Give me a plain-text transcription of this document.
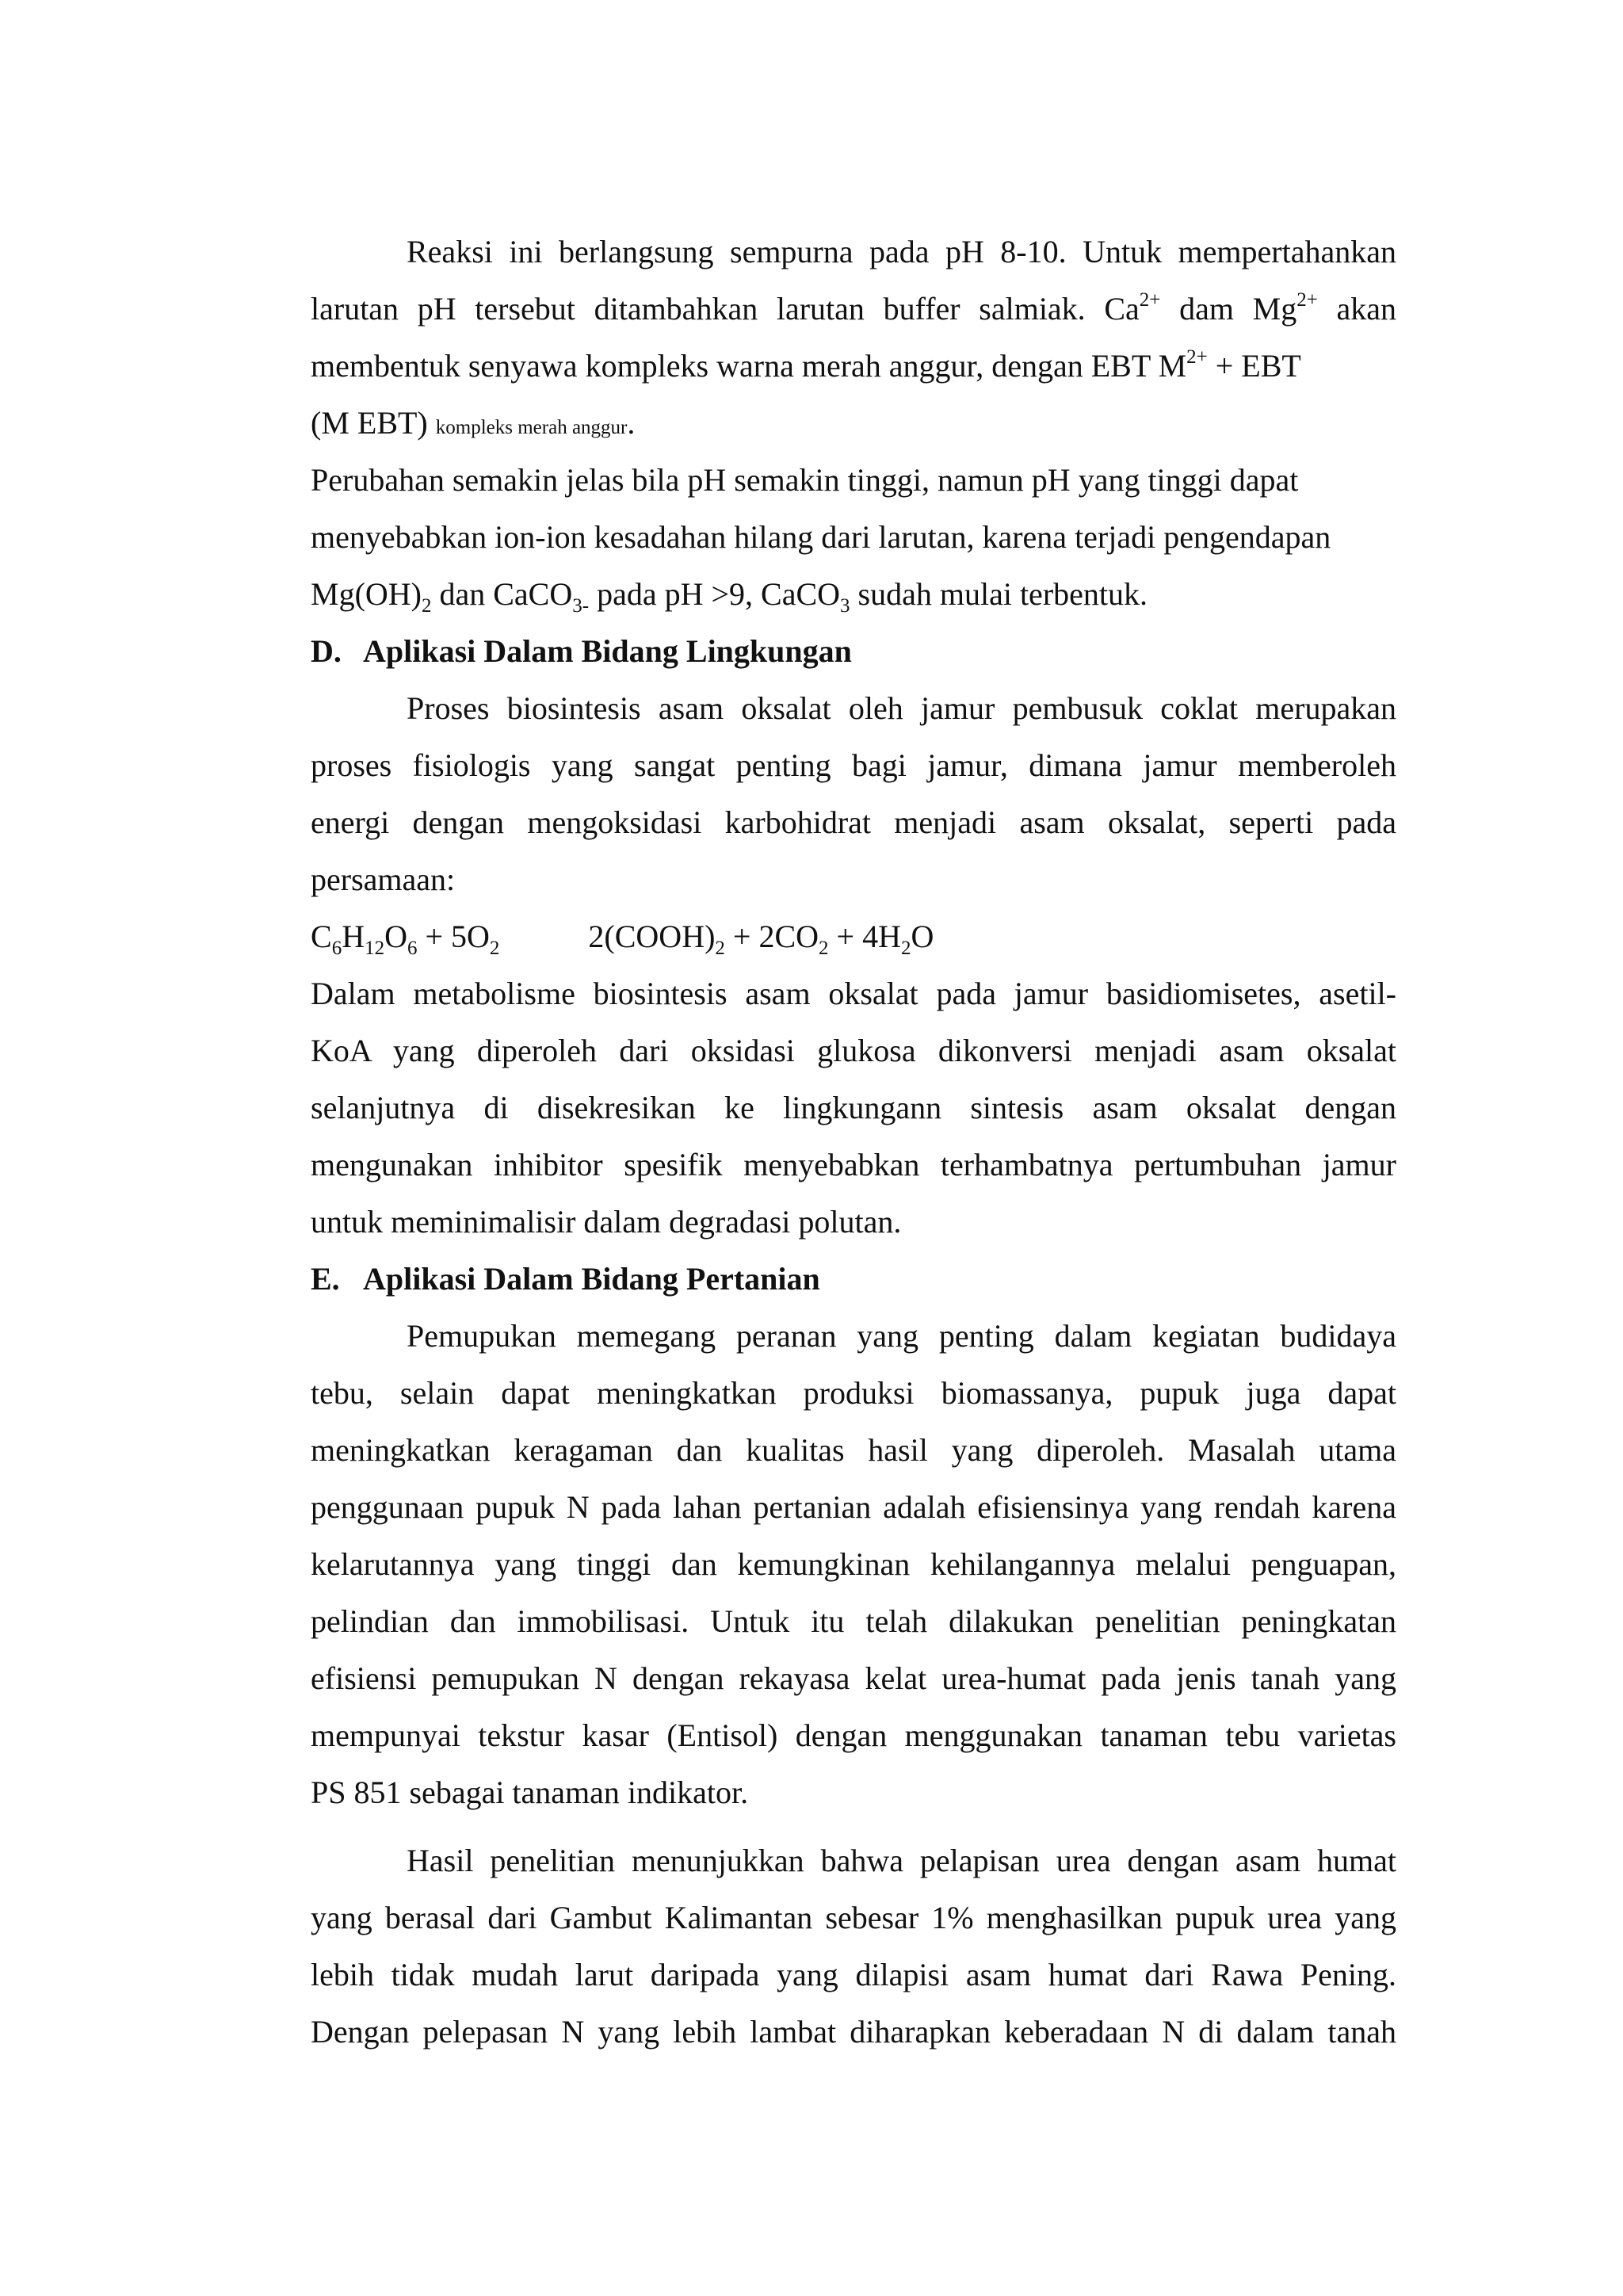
Reaksi ini berlangsung sempurna pada pH 8-10. Untuk mempertahankan
larutan pH tersebut ditambahkan larutan buffer salmiak. $Ca^{2+}$ dam $Mg^{2+}$ akan
membentuk senyawa kompleks warna merah anggur, dengan EBT $M^{2+}$ + EBT
(M EBT) kompleks merah anggur.
Perubahan semakin jelas bila pH semakin tinggi, namun pH yang tinggi dapat
menyebabkan ion-ion kesadahan hilang dari larutan, karena terjadi pengendapan
$Mg(OH)_2$ dan CaCO$_{3-}$ pada pH >9, CaCO$_3$ sudah mulai terbentuk.
D. Aplikasi Dalam Bidang Lingkungan
Proses biosintesis asam oksalat oleh jamur pembusuk coklat merupakan
proses fisiologis yang sangat penting bagi jamur, dimana jamur memberoleh
energi dengan mengoksidasi karbohidrat menjadi asam oksalat, seperti pada
persamaan:
$C_6H_{12}O_6 + 5O_2$	$2(COOH)_2 + 2CO_2 + 4H_2O$
Dalam metabolisme biosintesis asam oksalat pada jamur basidiomisetes, asetil-
KoA yang diperoleh dari oksidasi glukosa dikonversi menjadi asam oksalat
selanjutnya di disekresikan ke lingkungann sintesis asam oksalat dengan
mengunakan inhibitor spesifik menyebabkan terhambatnya pertumbuhan jamur
untuk meminimalisir dalam degradasi polutan.
E. Aplikasi Dalam Bidang Pertanian
Pemupukan memegang peranan yang penting dalam kegiatan budidaya
tebu, selain dapat meningkatkan produksi biomassanya, pupuk juga dapat
meningkatkan keragaman dan kualitas hasil yang diperoleh. Masalah utama
penggunaan pupuk N pada lahan pertanian adalah efisiensinya yang rendah karena
kelarutannya yang tinggi dan kemungkinan kehilangannya melalui penguapan,
pelindian dan immobilisasi. Untuk itu telah dilakukan penelitian peningkatan
efisiensi pemupukan N dengan rekayasa kelat urea-humat pada jenis tanah yang
mempunyai tekstur kasar (Entisol) dengan menggunakan tanaman tebu varietas
PS 851 sebagai tanaman indikator.
Hasil penelitian menunjukkan bahwa pelapisan urea dengan asam humat
yang berasal dari Gambut Kalimantan sebesar 1% menghasilkan pupuk urea yang
lebih tidak mudah larut daripada yang dilapisi asam humat dari Rawa Pening.
Dengan pelepasan N yang lebih lambat diharapkan keberadaan N di dalam tanah
